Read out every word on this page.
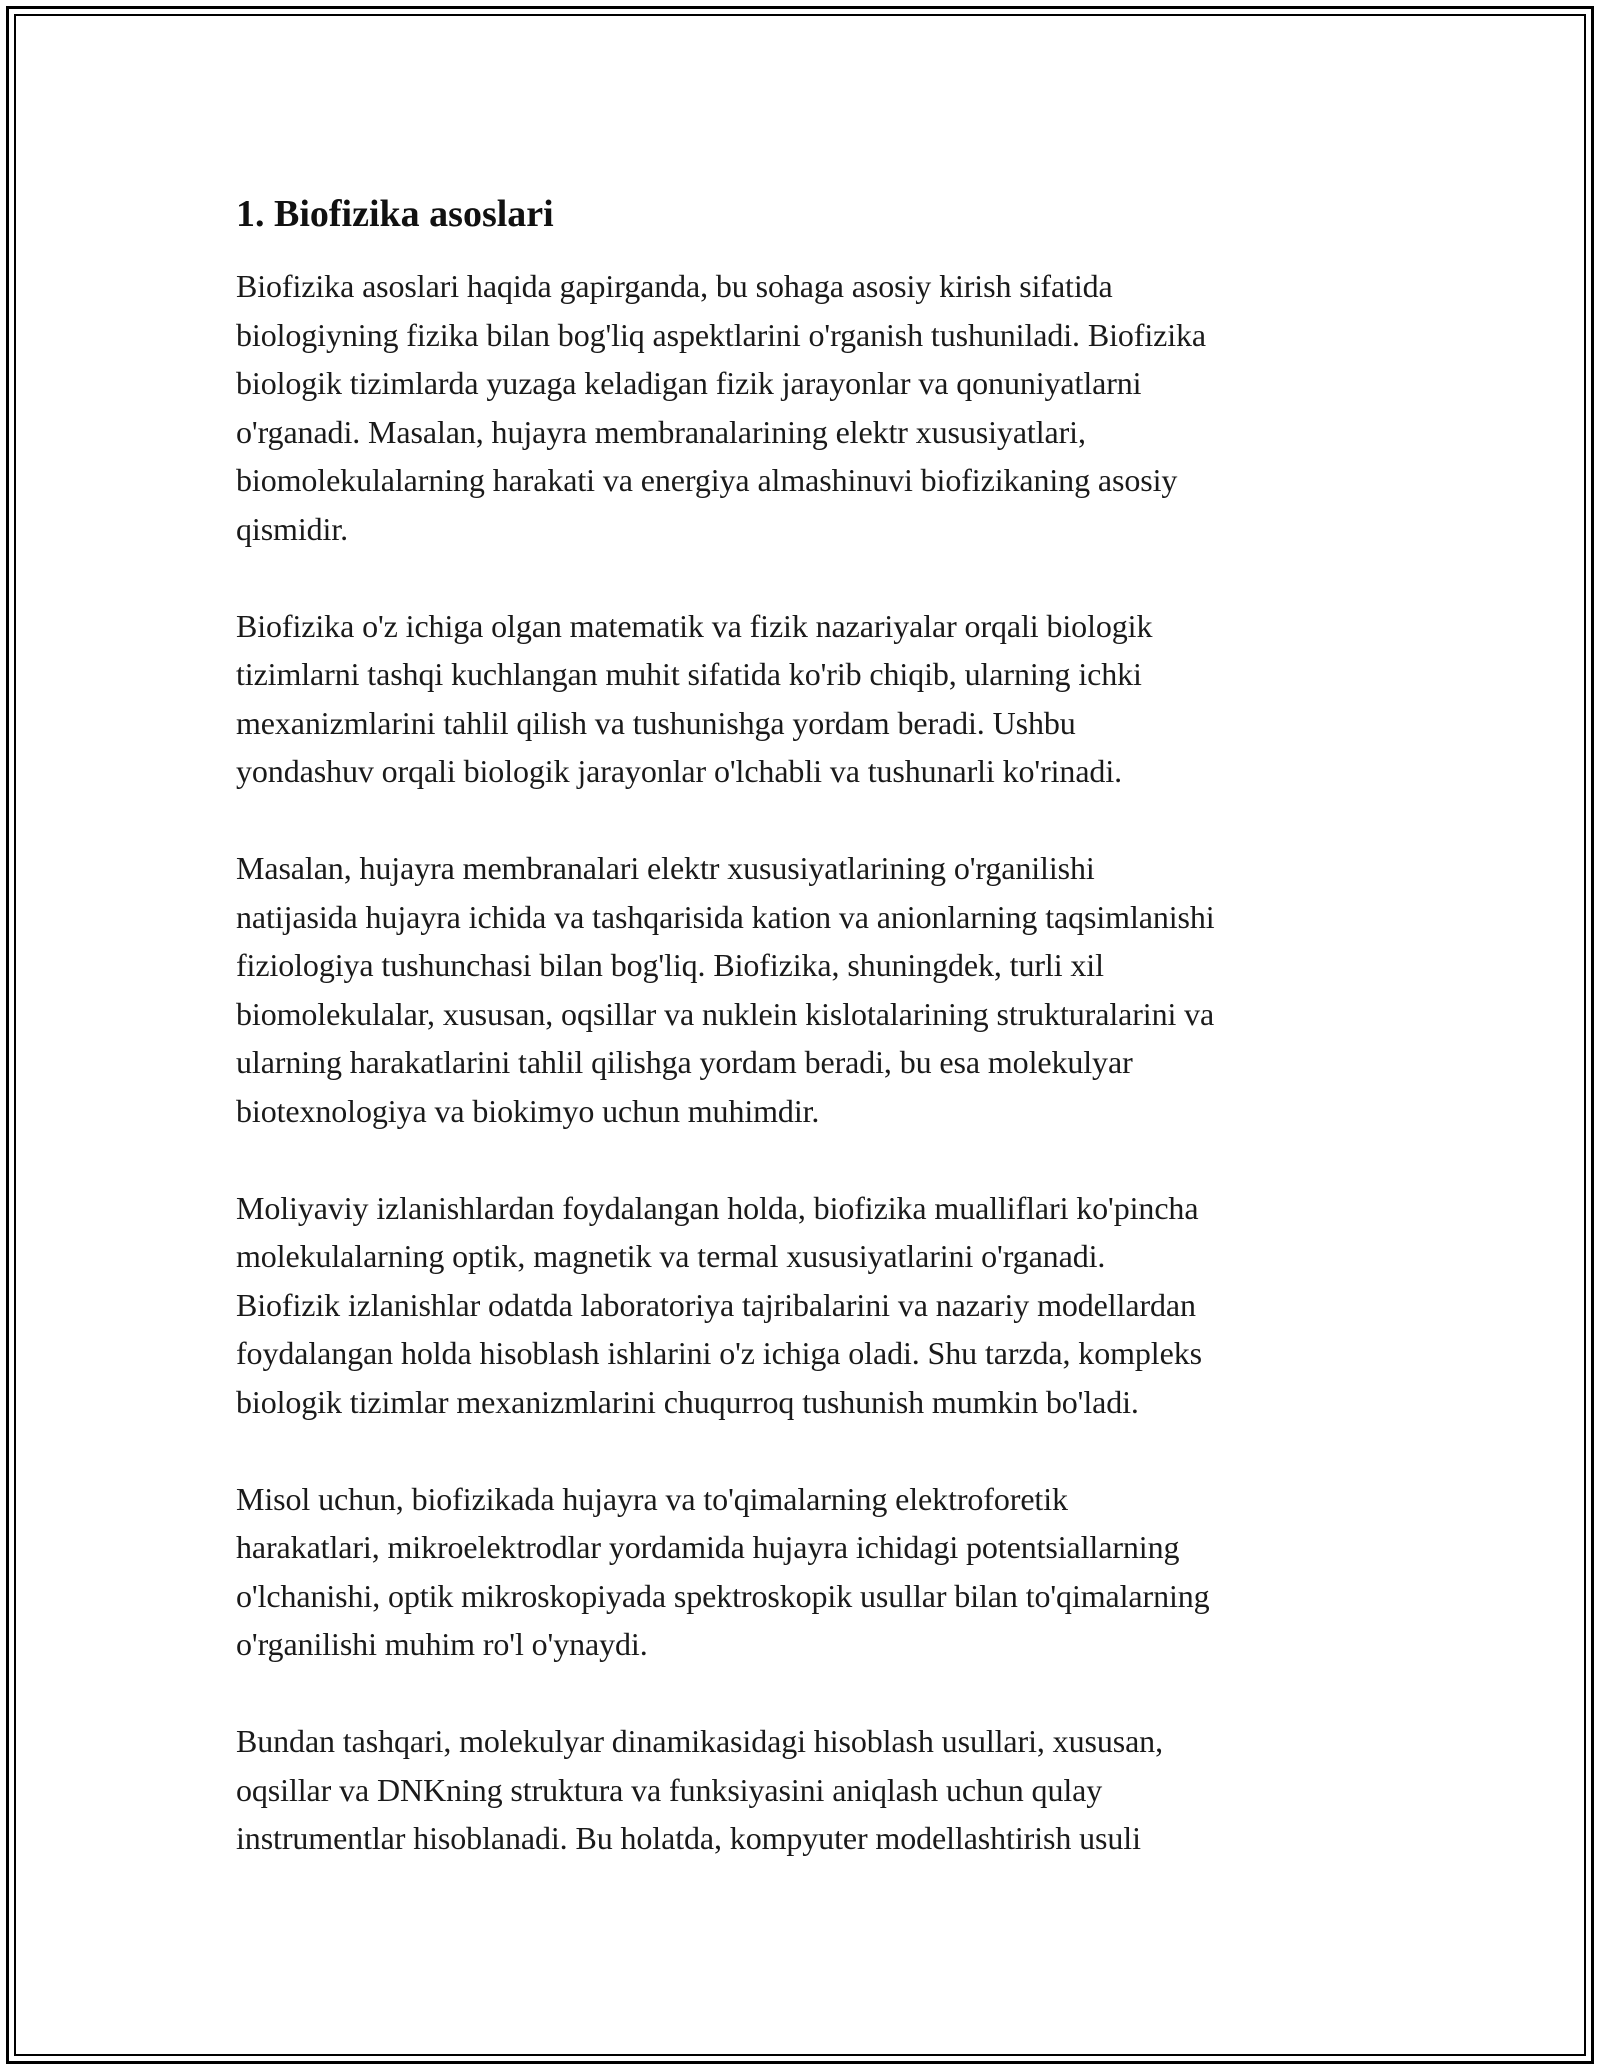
1. Biofizika asoslari

Biofizika asoslari haqida gapirganda, bu sohaga asosiy kirish sifatida
biologiyning fizika bilan bog'liq aspektlarini o'rganish tushuniladi. Biofizika
biologik tizimlarda yuzaga keladigan fizik jarayonlar va qonuniyatlarni
o'rganadi. Masalan, hujayra membranalarining elektr xususiyatlari,
biomolekulalarning harakati va energiya almashinuvi biofizikaning asosiy
qismidir.

Biofizika o'z ichiga olgan matematik va fizik nazariyalar orqali biologik
tizimlarni tashqi kuchlangan muhit sifatida ko'rib chiqib, ularning ichki
mexanizmlarini tahlil qilish va tushunishga yordam beradi. Ushbu
yondashuv orqali biologik jarayonlar o'lchabli va tushunarli ko'rinadi.

Masalan, hujayra membranalari elektr xususiyatlarining o'rganilishi
natijasida hujayra ichida va tashqarisida kation va anionlarning taqsimlanishi
fiziologiya tushunchasi bilan bog'liq. Biofizika, shuningdek, turli xil
biomolekulalar, xususan, oqsillar va nuklein kislotalarining strukturalarini va
ularning harakatlarini tahlil qilishga yordam beradi, bu esa molekulyar
biotexnologiya va biokimyo uchun muhimdir.

Moliyaviy izlanishlardan foydalangan holda, biofizika mualliflari ko'pincha
molekulalarning optik, magnetik va termal xususiyatlarini o'rganadi.
Biofizik izlanishlar odatda laboratoriya tajribalarini va nazariy modellardan
foydalangan holda hisoblash ishlarini o'z ichiga oladi. Shu tarzda, kompleks
biologik tizimlar mexanizmlarini chuqurroq tushunish mumkin bo'ladi.

Misol uchun, biofizikada hujayra va to'qimalarning elektroforetik
harakatlari, mikroelektrodlar yordamida hujayra ichidagi potentsiallarning
o'lchanishi, optik mikroskopiyada spektroskopik usullar bilan to'qimalarning
o'rganilishi muhim ro'l o'ynaydi.

Bundan tashqari, molekulyar dinamikasidagi hisoblash usullari, xususan,
oqsillar va DNKning struktura va funksiyasini aniqlash uchun qulay
instrumentlar hisoblanadi. Bu holatda, kompyuter modellashtirish usuli
